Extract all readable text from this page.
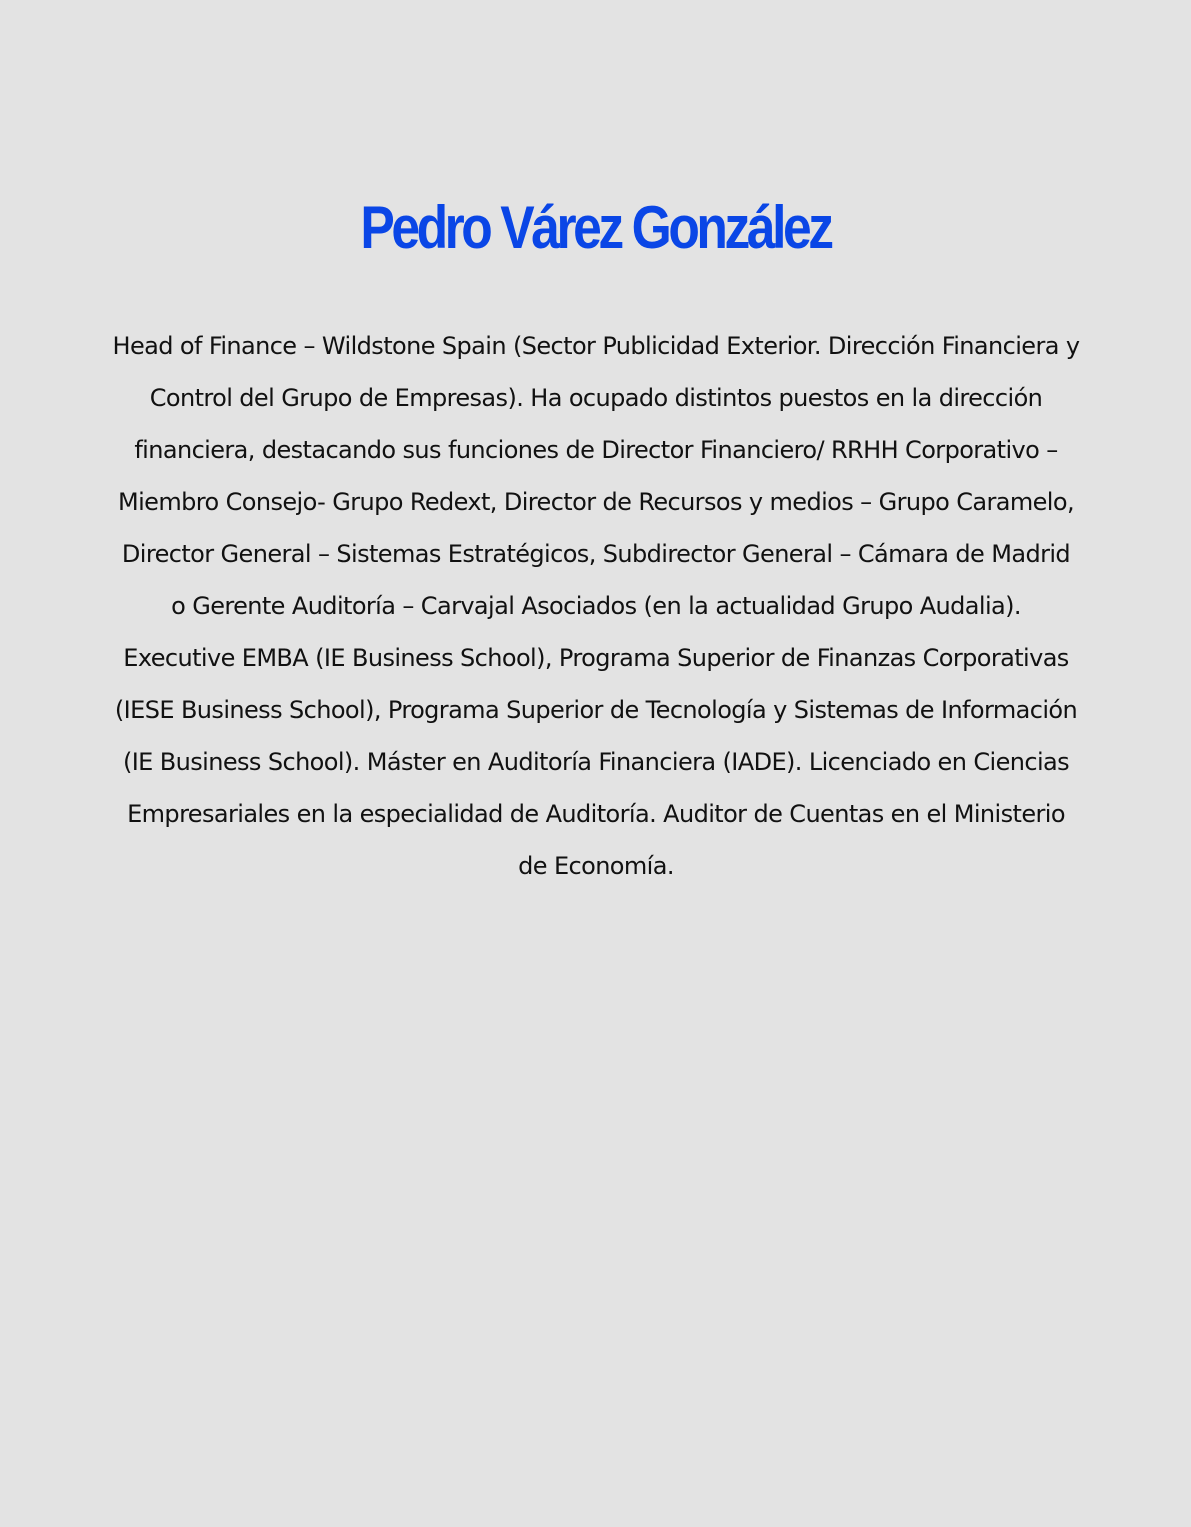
Pedro Várez González

Head of Finance – Wildstone Spain (Sector Publicidad Exterior. Dirección Financiera y Control del Grupo de Empresas). Ha ocupado distintos puestos en la dirección financiera, destacando sus funciones de Director Financiero/ RRHH Corporativo – Miembro Consejo- Grupo Redext, Director de Recursos y medios – Grupo Caramelo, Director General – Sistemas Estratégicos, Subdirector General – Cámara de Madrid o Gerente Auditoría – Carvajal Asociados (en la actualidad Grupo Audalia). Executive EMBA (IE Business School), Programa Superior de Finanzas Corporativas (IESE Business School), Programa Superior de Tecnología y Sistemas de Información (IE Business School). Máster en Auditoría Financiera (IADE). Licenciado en Ciencias Empresariales en la especialidad de Auditoría. Auditor de Cuentas en el Ministerio de Economía.
